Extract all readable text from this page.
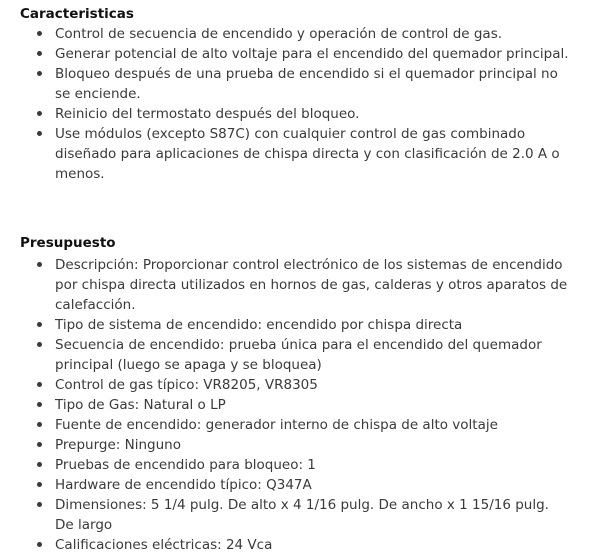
Caracteristicas
Control de secuencia de encendido y operación de control de gas.
Generar potencial de alto voltaje para el encendido del quemador principal.
Bloqueo después de una prueba de encendido si el quemador principal no se enciende.
Reinicio del termostato después del bloqueo.
Use módulos (excepto S87C) con cualquier control de gas combinado diseñado para aplicaciones de chispa directa y con clasificación de 2.0 A o menos.
Presupuesto
Descripción: Proporcionar control electrónico de los sistemas de encendido por chispa directa utilizados en hornos de gas, calderas y otros aparatos de calefacción.
Tipo de sistema de encendido: encendido por chispa directa
Secuencia de encendido: prueba única para el encendido del quemador principal (luego se apaga y se bloquea)
Control de gas típico: VR8205, VR8305
Tipo de Gas: Natural o LP
Fuente de encendido: generador interno de chispa de alto voltaje
Prepurge: Ninguno
Pruebas de encendido para bloqueo: 1
Hardware de encendido típico: Q347A
Dimensiones: 5 1/4 pulg. De alto x 4 1/16 pulg. De ancho x 1 15/16 pulg. De largo
Calificaciones eléctricas: 24 Vca
